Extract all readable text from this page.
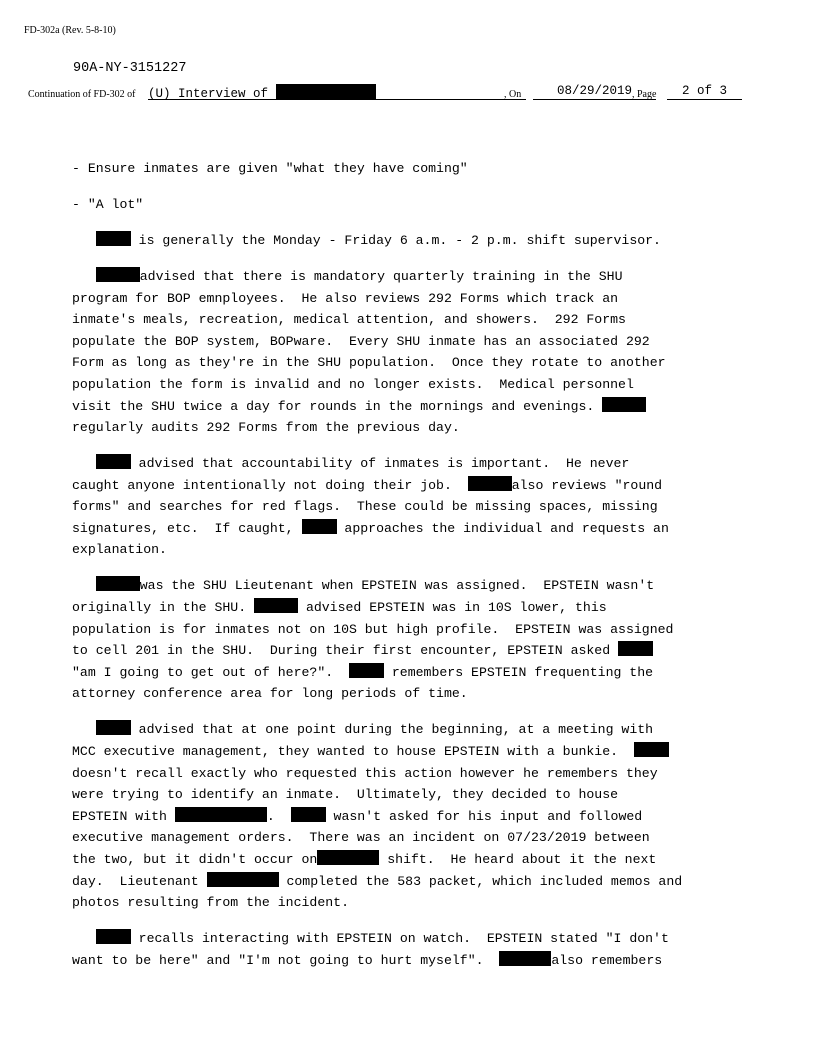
FD-302a (Rev. 5-8-10)
90A-NY-3151227
Continuation of FD-302 of (U) Interview of	, On	08/29/2019 , Page	2 of 3
- Ensure inmates are given "what they have coming"
- "A lot"
is generally the Monday - Friday 6 a.m. - 2 p.m. shift supervisor.
advised that there is mandatory quarterly training in the SHU
program for BOP emnployees.  He also reviews 292 Forms which track an
inmate's meals, recreation, medical attention, and showers.  292 Forms
populate the BOP system, BOPware.  Every SHU inmate has an associated 292
Form as long as they're in the SHU population.  Once they rotate to another
population the form is invalid and no longer exists.  Medical personnel
visit the SHU twice a day for rounds in the mornings and evenings.
regularly audits 292 Forms from the previous day.
advised that accountability of inmates is important.  He never
caught anyone intentionally not doing their job.	also reviews "round
forms" and searches for red flags.  These could be missing spaces, missing
signatures, etc.  If caught,	approaches the individual and requests an
explanation.
was the SHU Lieutenant when EPSTEIN was assigned.  EPSTEIN wasn't
originally in the SHU.	advised EPSTEIN was in 10S lower, this
population is for inmates not on 10S but high profile.  EPSTEIN was assigned
to cell 201 in the SHU.  During their first encounter, EPSTEIN asked
"am I going to get out of here?".	remembers EPSTEIN frequenting the
attorney conference area for long periods of time.
advised that at one point during the beginning, at a meeting with
MCC executive management, they wanted to house EPSTEIN with a bunkie.
doesn't recall exactly who requested this action however he remembers they
were trying to identify an inmate.  Ultimately, they decided to house
EPSTEIN with	.	wasn't asked for his input and followed
executive management orders.  There was an incident on 07/23/2019 between
the two, but it didn't occur on	shift.  He heard about it the next
day.  Lieutenant	completed the 583 packet, which included memos and
photos resulting from the incident.
recalls interacting with EPSTEIN on watch.  EPSTEIN stated "I don't
want to be here" and "I'm not going to hurt myself".	also remembers
